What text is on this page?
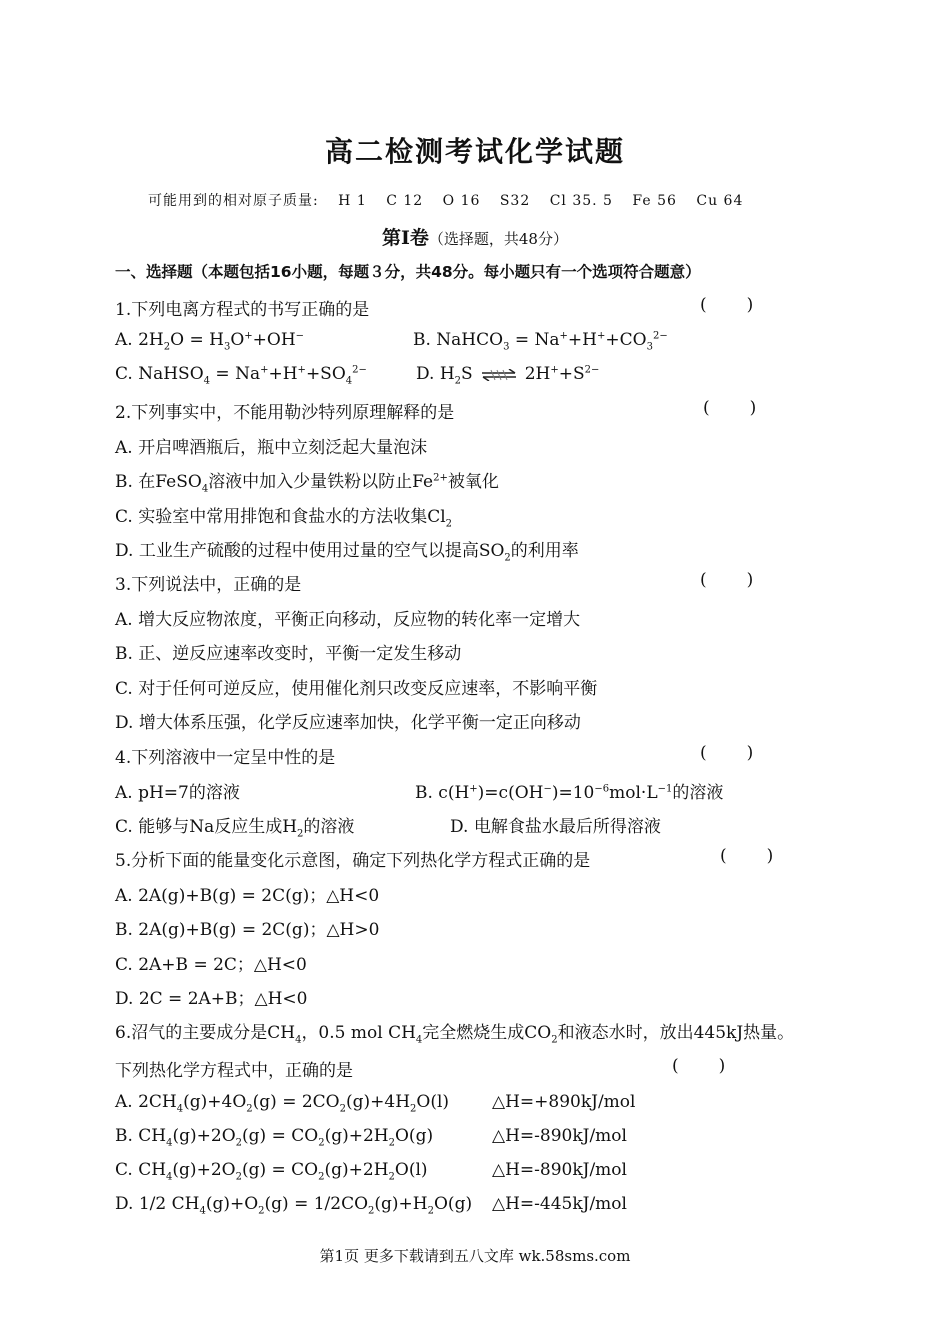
高二检测考试化学试题
可能用到的相对原子质量: H 1 C 12 O 16 S32 Cl 35. 5 Fe 56 Cu 64
第Ⅰ卷（选择题，共48分）
一、选择题（本题包括16小题，每题３分，共48分。每小题只有一个选项符合题意）
1.下列电离方程式的书写正确的是	( )
A. $2H_2O = H_3O^++OH^-$	B. NaHCO$_3$ = $Na^++H^++CO_3^{2-}$
C. NaHSO$_4$ = $Na^++H^++SO_4^{2-}$	D. $H_2S$ ⇌ $2H^++S^{2-}$
2.下列事实中，不能用勒沙特列原理解释的是	( )
A. 开启啤酒瓶后，瓶中立刻泛起大量泡沫
B. 在FeSO$_4$溶液中加入少量铁粉以防止$Fe^{2+}$被氧化
C. 实验室中常用排饱和食盐水的方法收集$Cl_2$
D. 工业生产硫酸的过程中使用过量的空气以提高$SO_2$的利用率
3.下列说法中，正确的是	( )
A. 增大反应物浓度，平衡正向移动，反应物的转化率一定增大
B. 正、逆反应速率改变时，平衡一定发生移动
C. 对于任何可逆反应，使用催化剂只改变反应速率，不影响平衡
D. 增大体系压强，化学反应速率加快，化学平衡一定正向移动
4.下列溶液中一定呈中性的是	( )
A. pH=7的溶液	B. $c(H^+)=c(OH^-)=10^{-6}mol\cdot L^{-1}$的溶液
C. 能够与Na反应生成$H_2$的溶液	D. 电解食盐水最后所得溶液
5.分析下面的能量变化示意图，确定下列热化学方程式正确的是	( )
A. 2A(g)+B(g) = 2C(g)；△H<0
B. 2A(g)+B(g) = 2C(g)；△H>0
C. 2A+B = 2C；△H<0
D. 2C = 2A+B；△H<0
6.沼气的主要成分是$CH_4$，0.5 mol $CH_4$完全燃烧生成$CO_2$和液态水时，放出445kJ热量。
下列热化学方程式中，正确的是	( )
A. $2CH_4(g)+4O_2(g) = 2CO_2(g)+4H_2O(l)$	△H=+890kJ/mol
B. $CH_4(g)+2O_2(g) = CO_2(g)+2H_2O(g)$	△H=-890kJ/mol
C. $CH_4(g)+2O_2(g) = CO_2(g)+2H_2O(l)$	△H=-890kJ/mol
D. 1/2 $CH_4(g)+O_2(g) = 1/2CO_2(g)+H_2O(g)$ △H=-445kJ/mol
第1页 更多下载请到五八文库 wk.58sms.com
